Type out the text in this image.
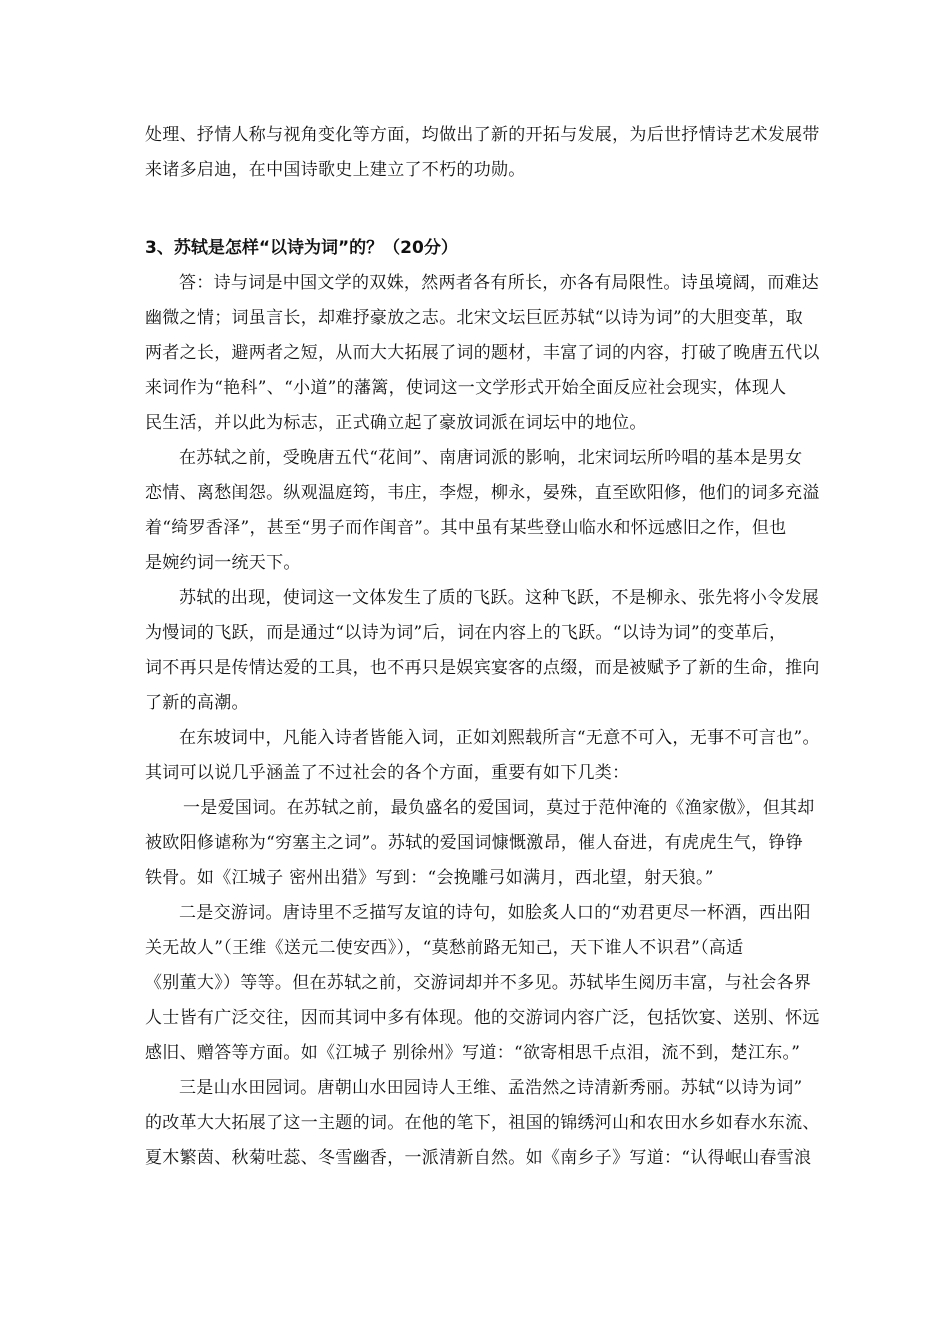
处理、抒情人称与视角变化等方面，均做出了新的开拓与发展，为后世抒情诗艺术发展带
来诸多启迪，在中国诗歌史上建立了不朽的功勋。
3、苏轼是怎样“以诗为词”的？（20分）
答：诗与词是中国文学的双姝，然两者各有所长，亦各有局限性。诗虽境阔，而难达
幽微之情；词虽言长，却难抒豪放之志。北宋文坛巨匠苏轼“以诗为词”的大胆变革，取
两者之长，避两者之短，从而大大拓展了词的题材，丰富了词的内容，打破了晚唐五代以
来词作为“艳科”、“小道”的藩篱，使词这一文学形式开始全面反应社会现实，体现人
民生活，并以此为标志，正式确立起了豪放词派在词坛中的地位。
在苏轼之前，受晚唐五代“花间”、南唐词派的影响，北宋词坛所吟唱的基本是男女
恋情、离愁闺怨。纵观温庭筠，韦庄，李煜，柳永，晏殊，直至欧阳修，他们的词多充溢
着“绮罗香泽”，甚至“男子而作闺音”。其中虽有某些登山临水和怀远感旧之作，但也
是婉约词一统天下。
苏轼的出现，使词这一文体发生了质的飞跃。这种飞跃，不是柳永、张先将小令发展
为慢词的飞跃，而是通过“以诗为词”后，词在内容上的飞跃。“以诗为词”的变革后，
词不再只是传情达爱的工具，也不再只是娱宾宴客的点缀，而是被赋予了新的生命，推向
了新的高潮。
在东坡词中，凡能入诗者皆能入词，正如刘熙载所言“无意不可入，无事不可言也”。
其词可以说几乎涵盖了不过社会的各个方面，重要有如下几类：
一是爱国词。在苏轼之前，最负盛名的爱国词，莫过于范仲淹的《渔家傲》，但其却
被欧阳修谑称为“穷塞主之词”。苏轼的爱国词慷慨激昂，催人奋进，有虎虎生气，铮铮
铁骨。如《江城子 密州出猎》写到：“会挽雕弓如满月，西北望，射天狼。”
二是交游词。唐诗里不乏描写友谊的诗句，如脍炙人口的“劝君更尽一杯酒，西出阳
关无故人”（王维《送元二使安西》），“莫愁前路无知己，天下谁人不识君”（高适
《别董大》）等等。但在苏轼之前，交游词却并不多见。苏轼毕生阅历丰富，与社会各界
人士皆有广泛交往，因而其词中多有体现。他的交游词内容广泛，包括饮宴、送别、怀远
感旧、赠答等方面。如《江城子 别徐州》写道：“欲寄相思千点泪，流不到，楚江东。”
三是山水田园词。唐朝山水田园诗人王维、孟浩然之诗清新秀丽。苏轼“以诗为词”
的改革大大拓展了这一主题的词。在他的笔下，祖国的锦绣河山和农田水乡如春水东流、
夏木繁茵、秋菊吐蕊、冬雪幽香，一派清新自然。如《南乡子》写道：“认得岷山春雪浪
